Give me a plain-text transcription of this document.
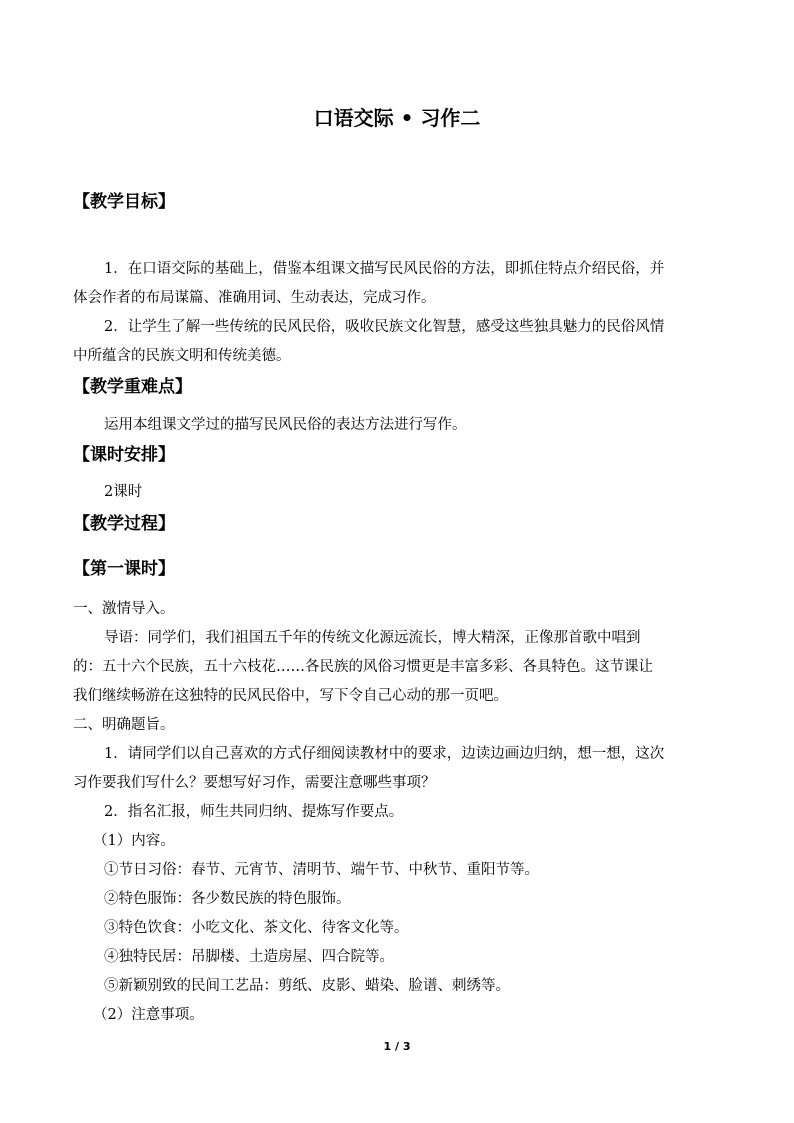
口语交际 • 习作二
【教学目标】
1．在口语交际的基础上，借鉴本组课文描写民风民俗的方法，即抓住特点介绍民俗，并
体会作者的布局谋篇、准确用词、生动表达，完成习作。
2．让学生了解一些传统的民风民俗，吸收民族文化智慧，感受这些独具魅力的民俗风情
中所蕴含的民族文明和传统美德。
【教学重难点】
运用本组课文学过的描写民风民俗的表达方法进行写作。
【课时安排】
2课时
【教学过程】
【第一课时】
一、激情导入。
导语：同学们，我们祖国五千年的传统文化源远流长，博大精深，正像那首歌中唱到
的：五十六个民族，五十六枝花……各民族的风俗习惯更是丰富多彩、各具特色。这节课让
我们继续畅游在这独特的民风民俗中，写下令自己心动的那一页吧。
二、明确题旨。
1．请同学们以自己喜欢的方式仔细阅读教材中的要求，边读边画边归纳，想一想，这次
习作要我们写什么？要想写好习作，需要注意哪些事项？
2．指名汇报，师生共同归纳、提炼写作要点。
（1）内容。
①节日习俗：春节、元宵节、清明节、端午节、中秋节、重阳节等。
②特色服饰：各少数民族的特色服饰。
③特色饮食：小吃文化、茶文化、待客文化等。
④独特民居：吊脚楼、土造房屋、四合院等。
⑤新颖别致的民间工艺品：剪纸、皮影、蜡染、脸谱、刺绣等。
（2）注意事项。
1 / 3
